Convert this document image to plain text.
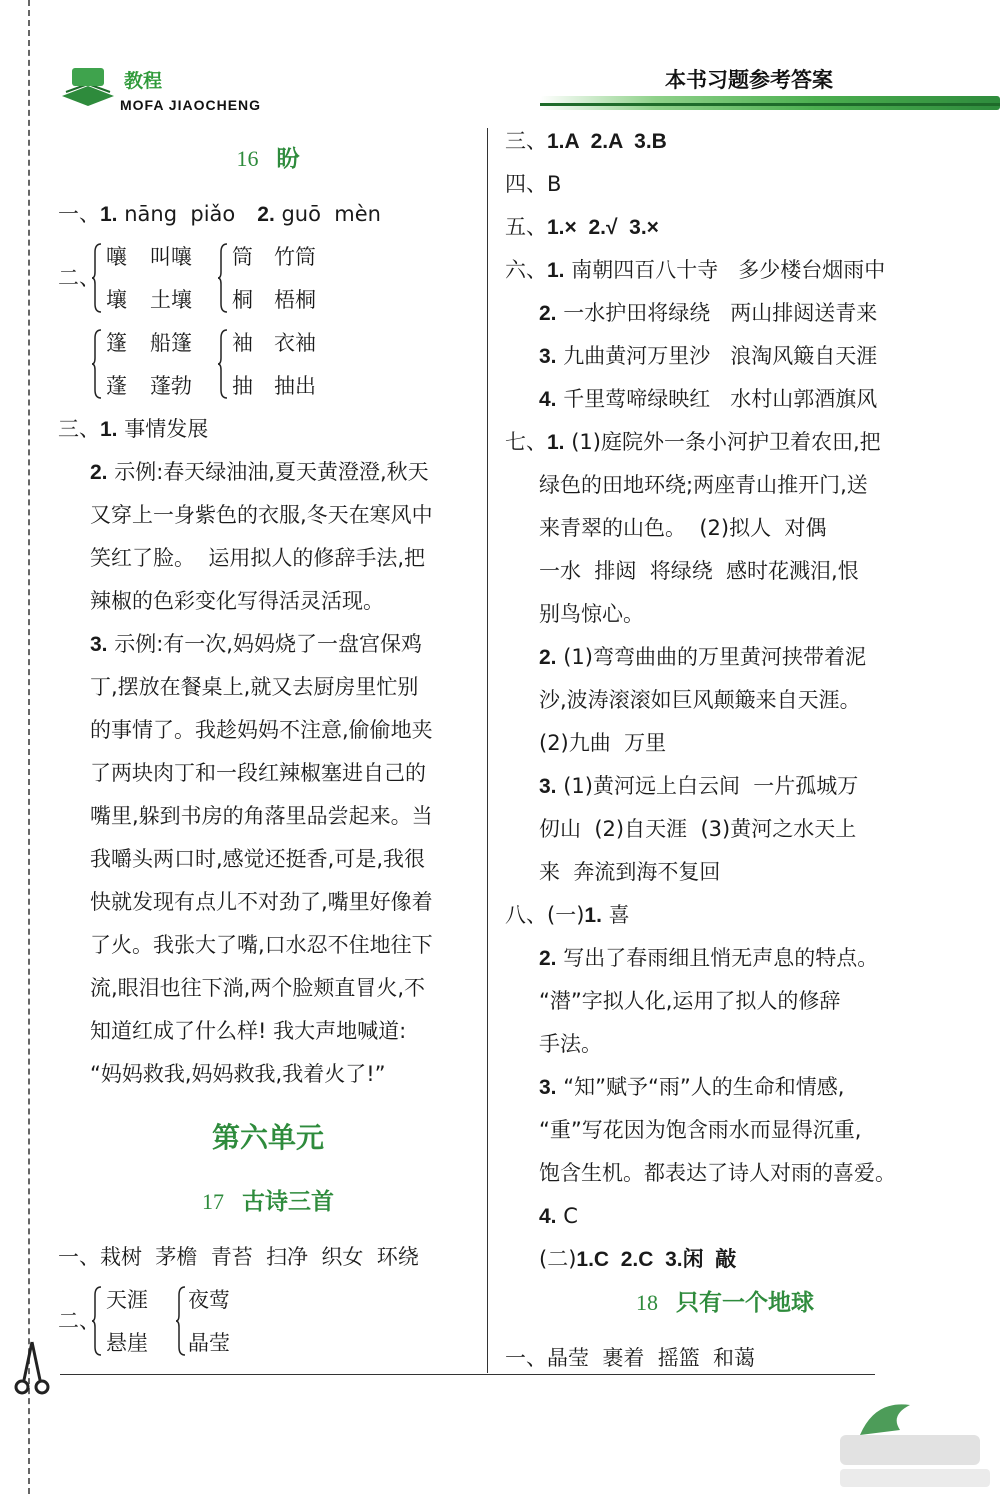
教程
MOFA JIAOCHENG
本书习题参考答案
16 盼
一、1. nāng  piǎo 2. guō  mèn
二、
嚷 叫嚷
壤 土壤
筒 竹筒
桐 梧桐
篷 船篷
蓬 蓬勃
袖 衣袖
抽 抽出
三、1. 事情发展
2. 示例:春天绿油油,夏天黄澄澄,秋天
又穿上一身紫色的衣服,冬天在寒风中
笑红了脸。  运用拟人的修辞手法,把
辣椒的色彩变化写得活灵活现。
3. 示例:有一次,妈妈烧了一盘宫保鸡
丁,摆放在餐桌上,就又去厨房里忙别
的事情了。我趁妈妈不注意,偷偷地夹
了两块肉丁和一段红辣椒塞进自己的
嘴里,躲到书房的角落里品尝起来。当
我嚼头两口时,感觉还挺香,可是,我很
快就发现有点儿不对劲了,嘴里好像着
了火。我张大了嘴,口水忍不住地往下
流,眼泪也往下淌,两个脸颊直冒火,不
知道红成了什么样! 我大声地喊道:
“妈妈救我,妈妈救我,我着火了!”
第六单元
17 古诗三首
一、栽树  茅檐  青苔  扫净  织女  环绕
二、
天涯
悬崖
夜莺
晶莹
三、1.A  2.A  3.B
四、B
五、1.×  2.√  3.×
六、1. 南朝四百八十寺   多少楼台烟雨中
2. 一水护田将绿绕   两山排闼送青来
3. 九曲黄河万里沙   浪淘风簸自天涯
4. 千里莺啼绿映红   水村山郭酒旗风
七、1. (1)庭院外一条小河护卫着农田,把
绿色的田地环绕;两座青山推开门,送
来青翠的山色。  (2)拟人  对偶
一水  排闼  将绿绕  感时花溅泪,恨
别鸟惊心。
2. (1)弯弯曲曲的万里黄河挟带着泥
沙,波涛滚滚如巨风颠簸来自天涯。
(2)九曲  万里
3. (1)黄河远上白云间  一片孤城万
仞山  (2)自天涯  (3)黄河之水天上
来  奔流到海不复回
八、(一)1. 喜
2. 写出了春雨细且悄无声息的特点。
“潜”字拟人化,运用了拟人的修辞
手法。
3. “知”赋予“雨”人的生命和情感,
“重”写花因为饱含雨水而显得沉重,
饱含生机。都表达了诗人对雨的喜爱。
4. C
(二)1.C  2.C  3.闲  敲
18 只有一个地球
一、晶莹  裹着  摇篮  和蔼
